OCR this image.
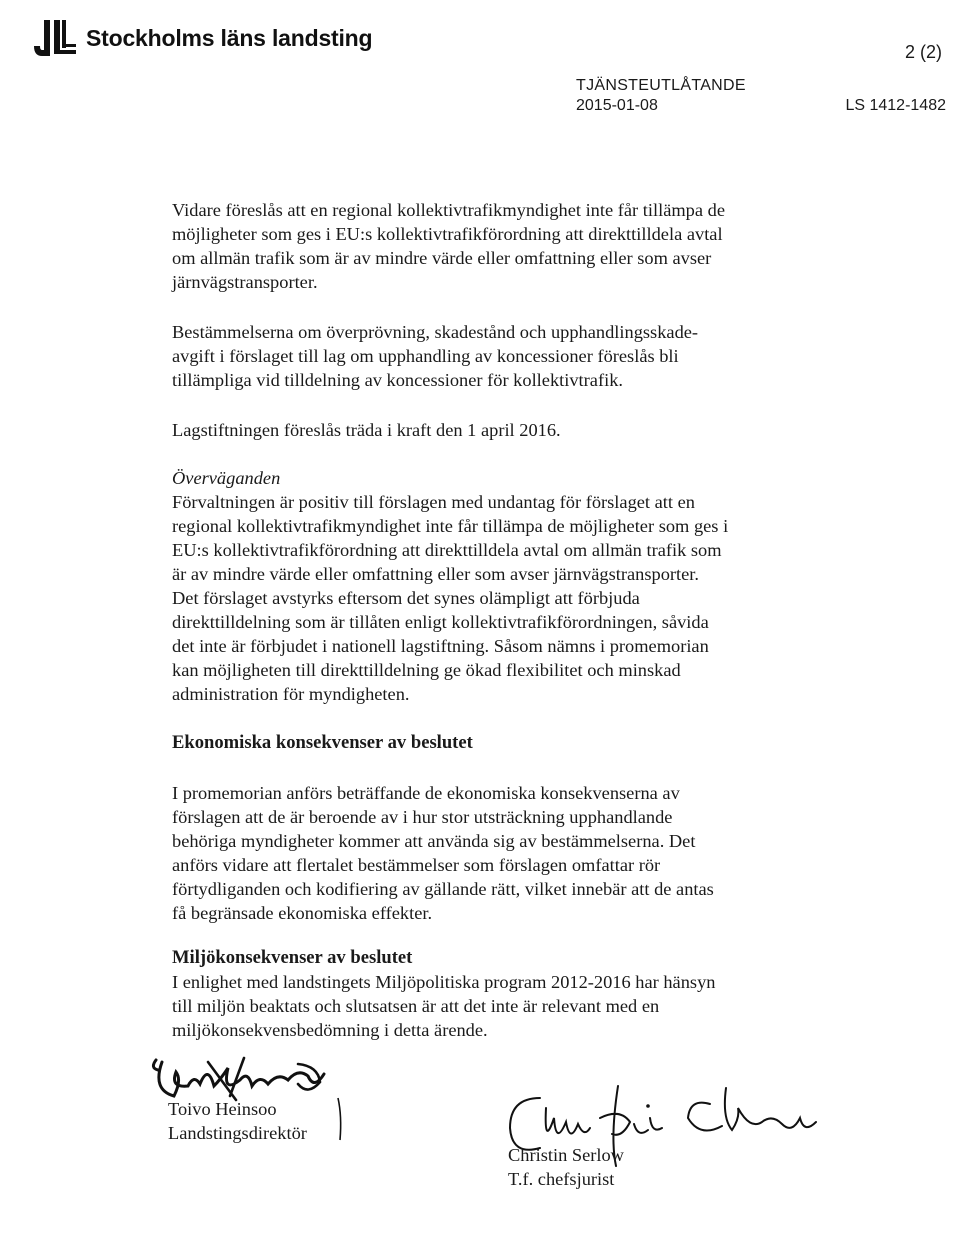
Stockholms läns landsting
2 (2)
TJÄNSTEUTLÅTANDE
2015-01-08	LS 1412-1482

Vidare föreslås att en regional kollektivtrafikmyndighet inte får tillämpa de
möjligheter som ges i EU:s kollektivtrafikförordning att direkttilldela avtal
om allmän trafik som är av mindre värde eller omfattning eller som avser
järnvägstransporter.

Bestämmelserna om överprövning, skadestånd och upphandlingsskade-
avgift i förslaget till lag om upphandling av koncessioner föreslås bli
tillämpliga vid tilldelning av koncessioner för kollektivtrafik.

Lagstiftningen föreslås träda i kraft den 1 april 2016.

Överväganden

Förvaltningen är positiv till förslagen med undantag för förslaget att en
regional kollektivtrafikmyndighet inte får tillämpa de möjligheter som ges i
EU:s kollektivtrafikförordning att direkttilldela avtal om allmän trafik som
är av mindre värde eller omfattning eller som avser järnvägstransporter.
Det förslaget avstyrks eftersom det synes olämpligt att förbjuda
direkttilldelning som är tillåten enligt kollektivtrafikförordningen, såvida
det inte är förbjudet i nationell lagstiftning. Såsom nämns i promemorian
kan möjligheten till direkttilldelning ge ökad flexibilitet och minskad
administration för myndigheten.

Ekonomiska konsekvenser av beslutet

I promemorian anförs beträffande de ekonomiska konsekvenserna av
förslagen att de är beroende av i hur stor utsträckning upphandlande
behöriga myndigheter kommer att använda sig av bestämmelserna. Det
anförs vidare att flertalet bestämmelser som förslagen omfattar rör
förtydliganden och kodifiering av gällande rätt, vilket innebär att de antas
få begränsade ekonomiska effekter.

Miljökonsekvenser av beslutet

I enlighet med landstingets Miljöpolitiska program 2012-2016 har hänsyn
till miljön beaktats och slutsatsen är att det inte är relevant med en
miljökonsekvensbedömning i detta ärende.

Toivo Heinsoo
Landstingsdirektör
Christin Serlow
T.f. chefsjurist
